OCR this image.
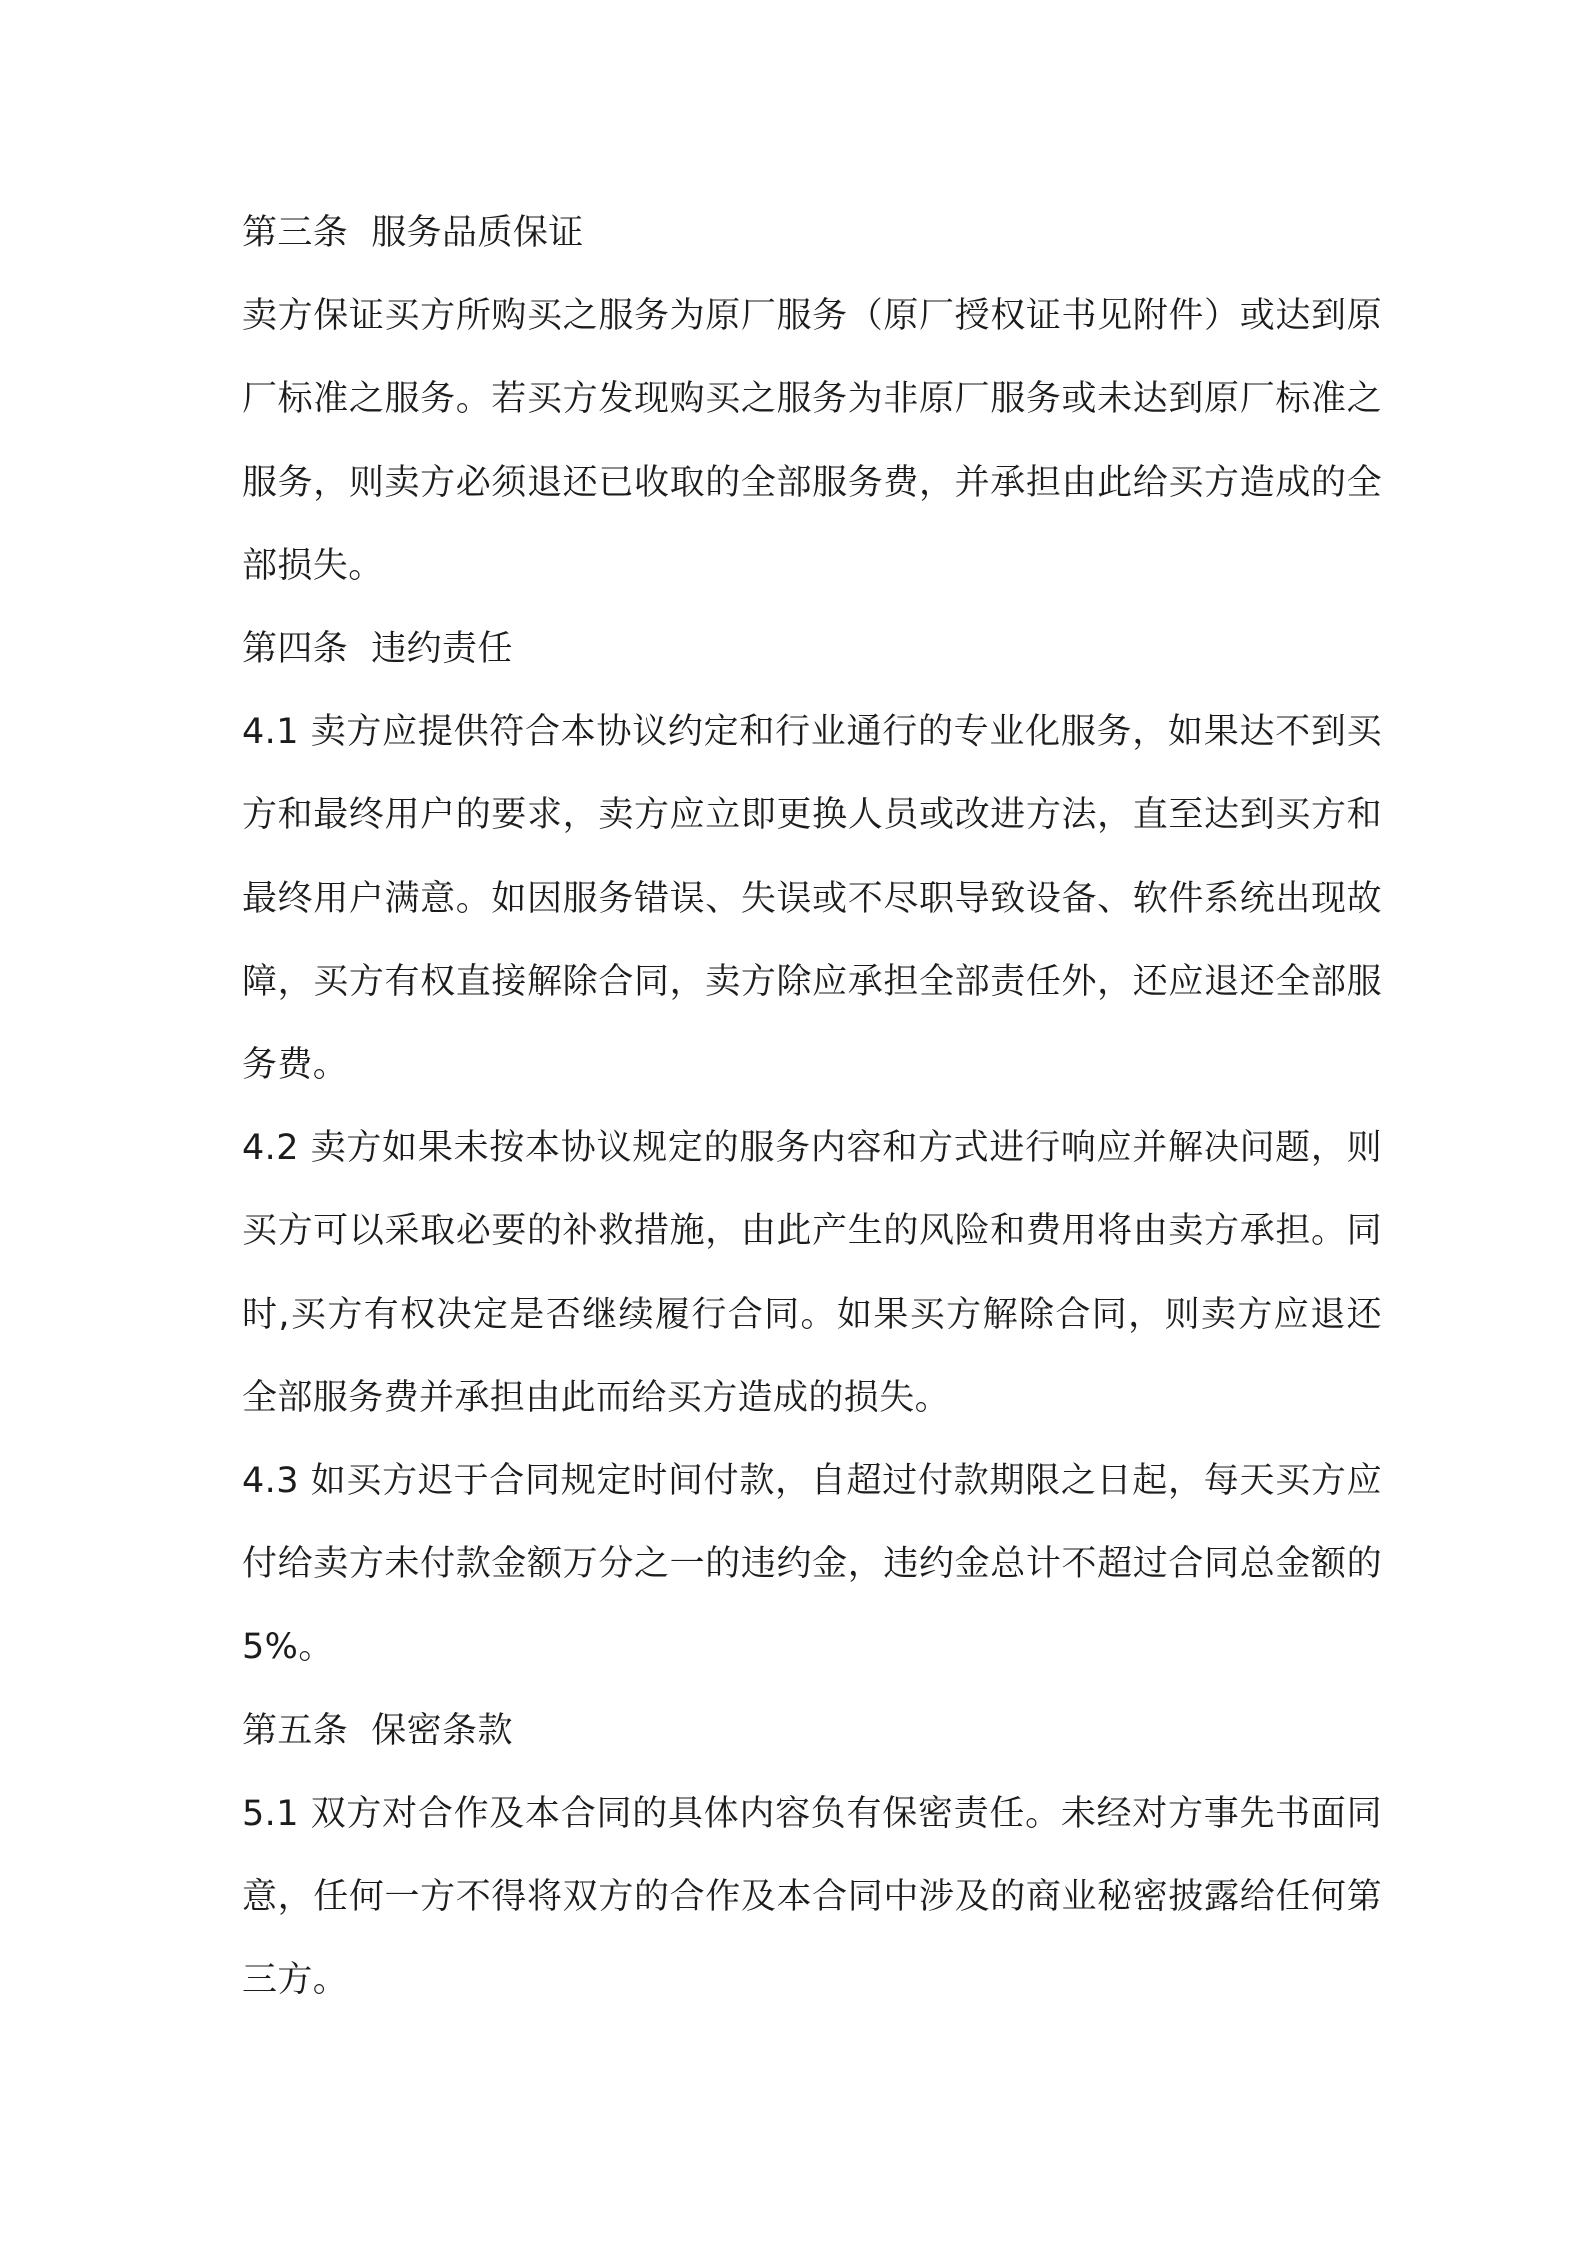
第三条  服务品质保证

卖方保证买方所购买之服务为原厂服务（原厂授权证书见附件）或达到原厂标准之服务。若买方发现购买之服务为非原厂服务或未达到原厂标准之服务，则卖方必须退还已收取的全部服务费，并承担由此给买方造成的全部损失。

第四条  违约责任

4.1 卖方应提供符合本协议约定和行业通行的专业化服务，如果达不到买方和最终用户的要求，卖方应立即更换人员或改进方法，直至达到买方和最终用户满意。如因服务错误、失误或不尽职导致设备、软件系统出现故障，买方有权直接解除合同，卖方除应承担全部责任外，还应退还全部服务费。

4.2 卖方如果未按本协议规定的服务内容和方式进行响应并解决问题，则买方可以采取必要的补救措施，由此产生的风险和费用将由卖方承担。同时,买方有权决定是否继续履行合同。如果买方解除合同，则卖方应退还全部服务费并承担由此而给买方造成的损失。

4.3 如买方迟于合同规定时间付款，自超过付款期限之日起，每天买方应付给卖方未付款金额万分之一的违约金，违约金总计不超过合同总金额的 5%。

第五条  保密条款

5.1 双方对合作及本合同的具体内容负有保密责任。未经对方事先书面同意，任何一方不得将双方的合作及本合同中涉及的商业秘密披露给任何第三方。
